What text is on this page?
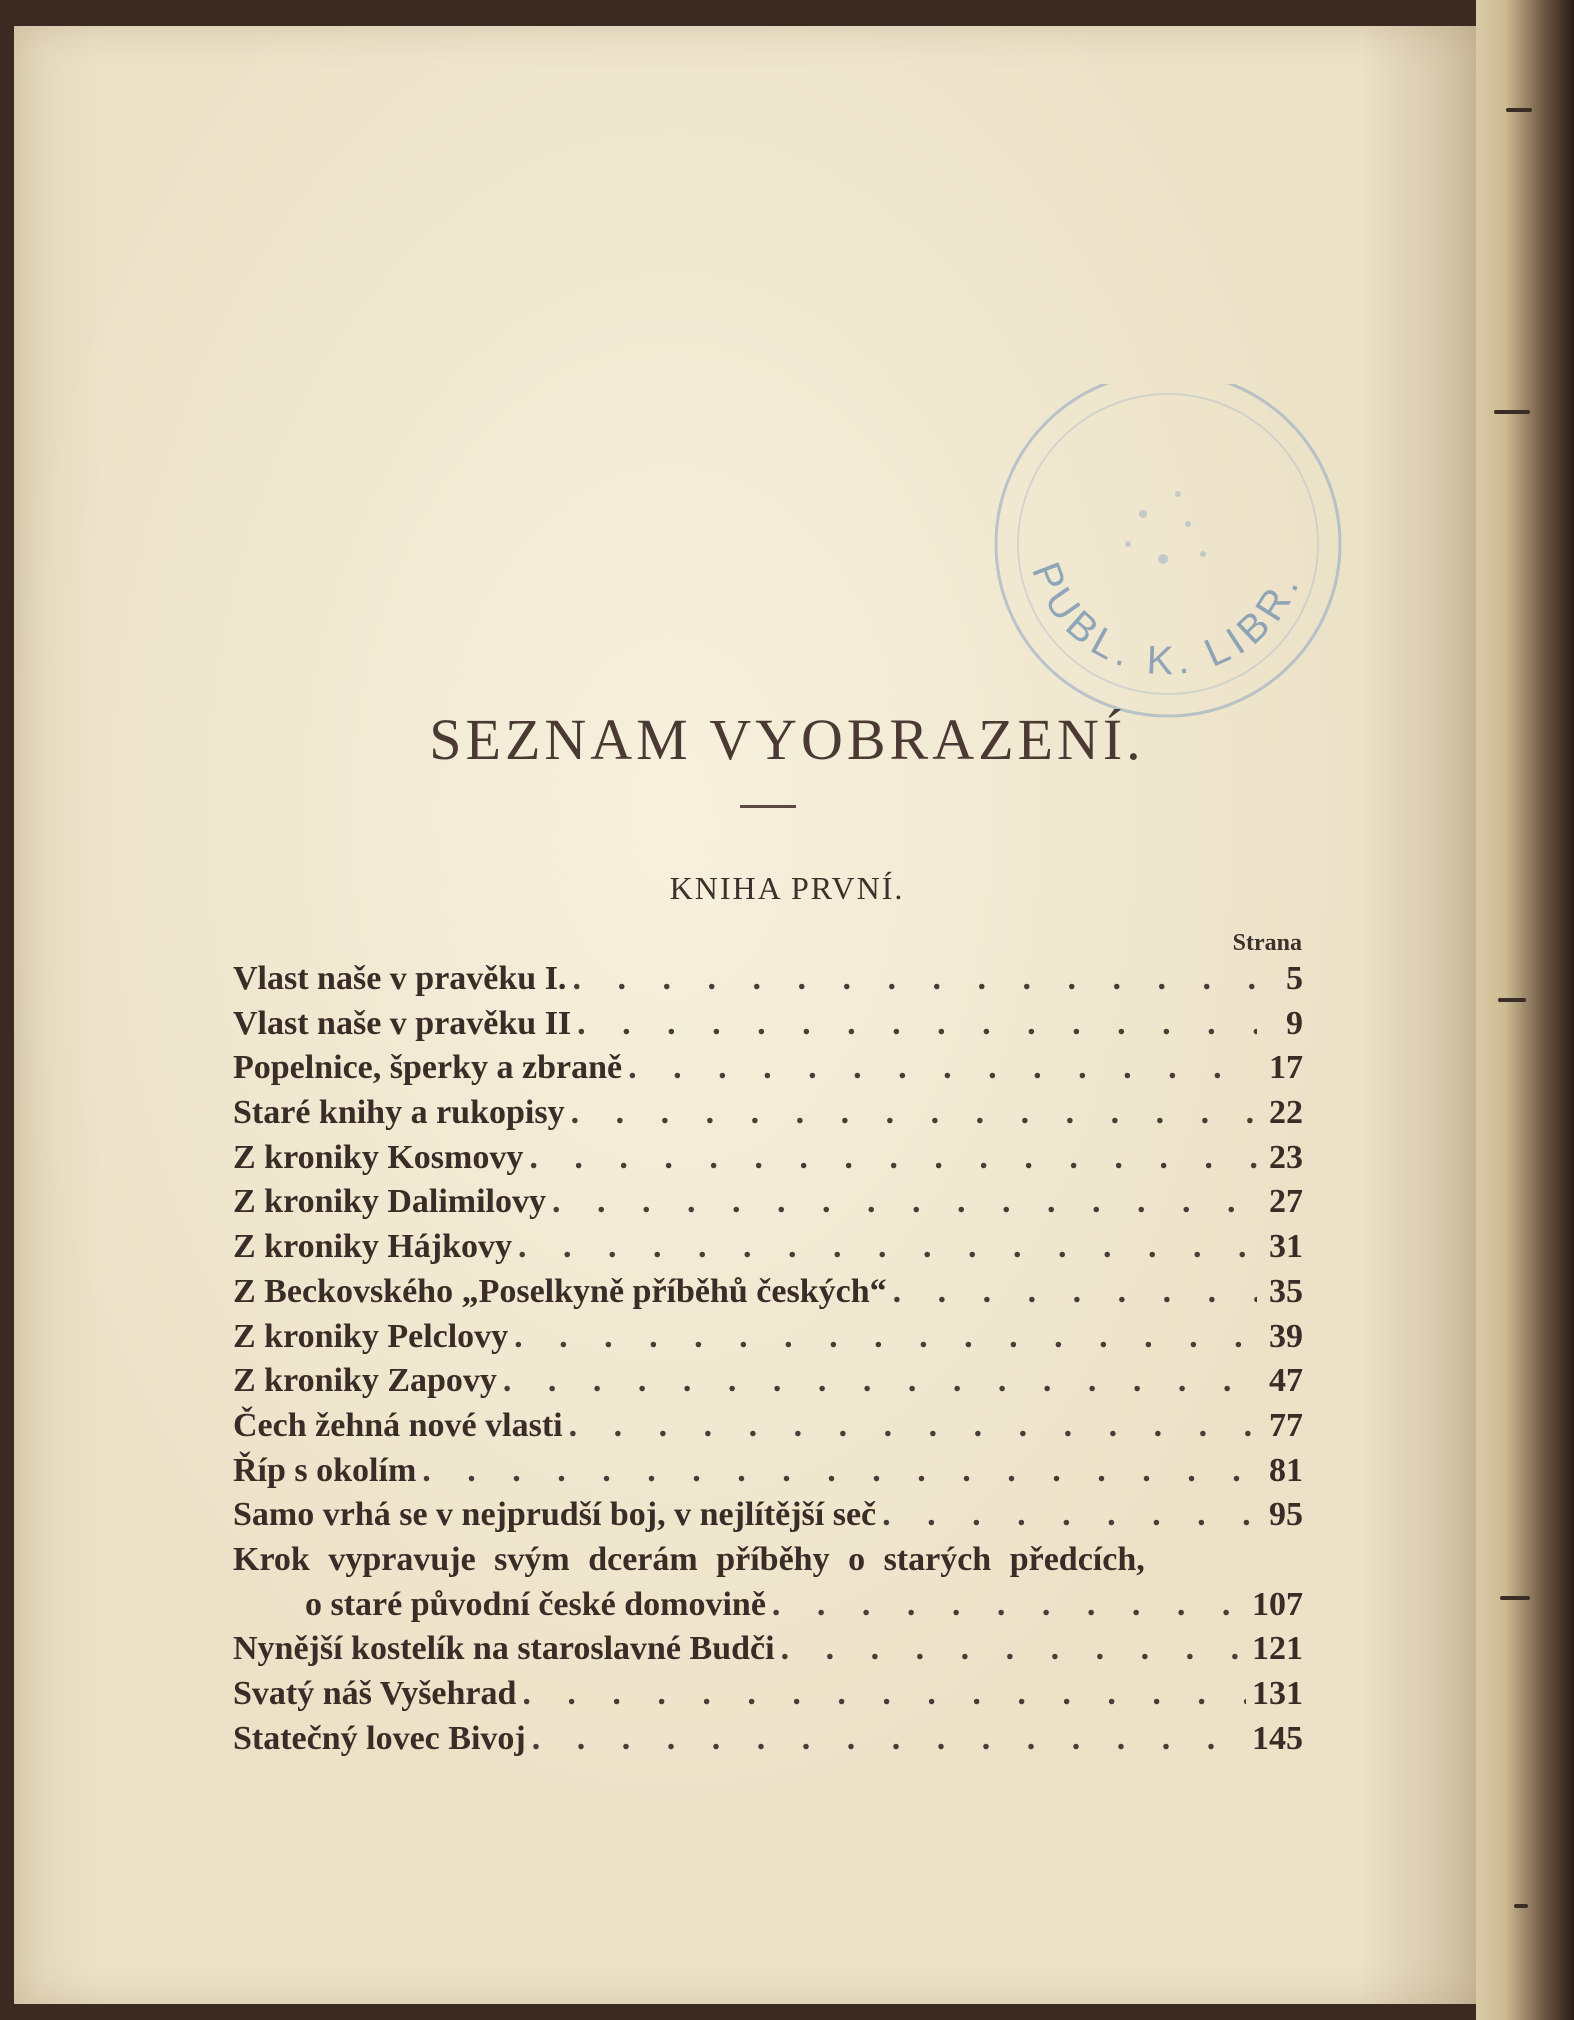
PUBL. K. LIBR.
SEZNAM VYOBRAZENÍ.
KNIHA PRVNÍ.
Strana
Vlast naše v pravěku I. . . .	5
Vlast naše v pravěku II . . .	9
Popelnice, šperky a zbraně . . .	17
Staré knihy a rukopisy . . .	22
Z kroniky Kosmovy . . .	23
Z kroniky Dalimilovy . . .	27
Z kroniky Hájkovy . . .	31
Z Beckovského „Poselkyně příběhů českých“ . . .	35
Z kroniky Pelclovy . . .	39
Z kroniky Zapovy . . .	47
Čech žehná nové vlasti . . .	77
Říp s okolím . . .	81
Samo vrhá se v nejprudší boj, v nejlítější seč . . .	95
Krok vypravuje svým dcerám příběhy o starých předcích,
o staré původní české domovině . . .	107
Nynější kostelík na staroslavné Budči . . .	121
Svatý náš Vyšehrad . . .	131
Statečný lovec Bivoj . . .	145
